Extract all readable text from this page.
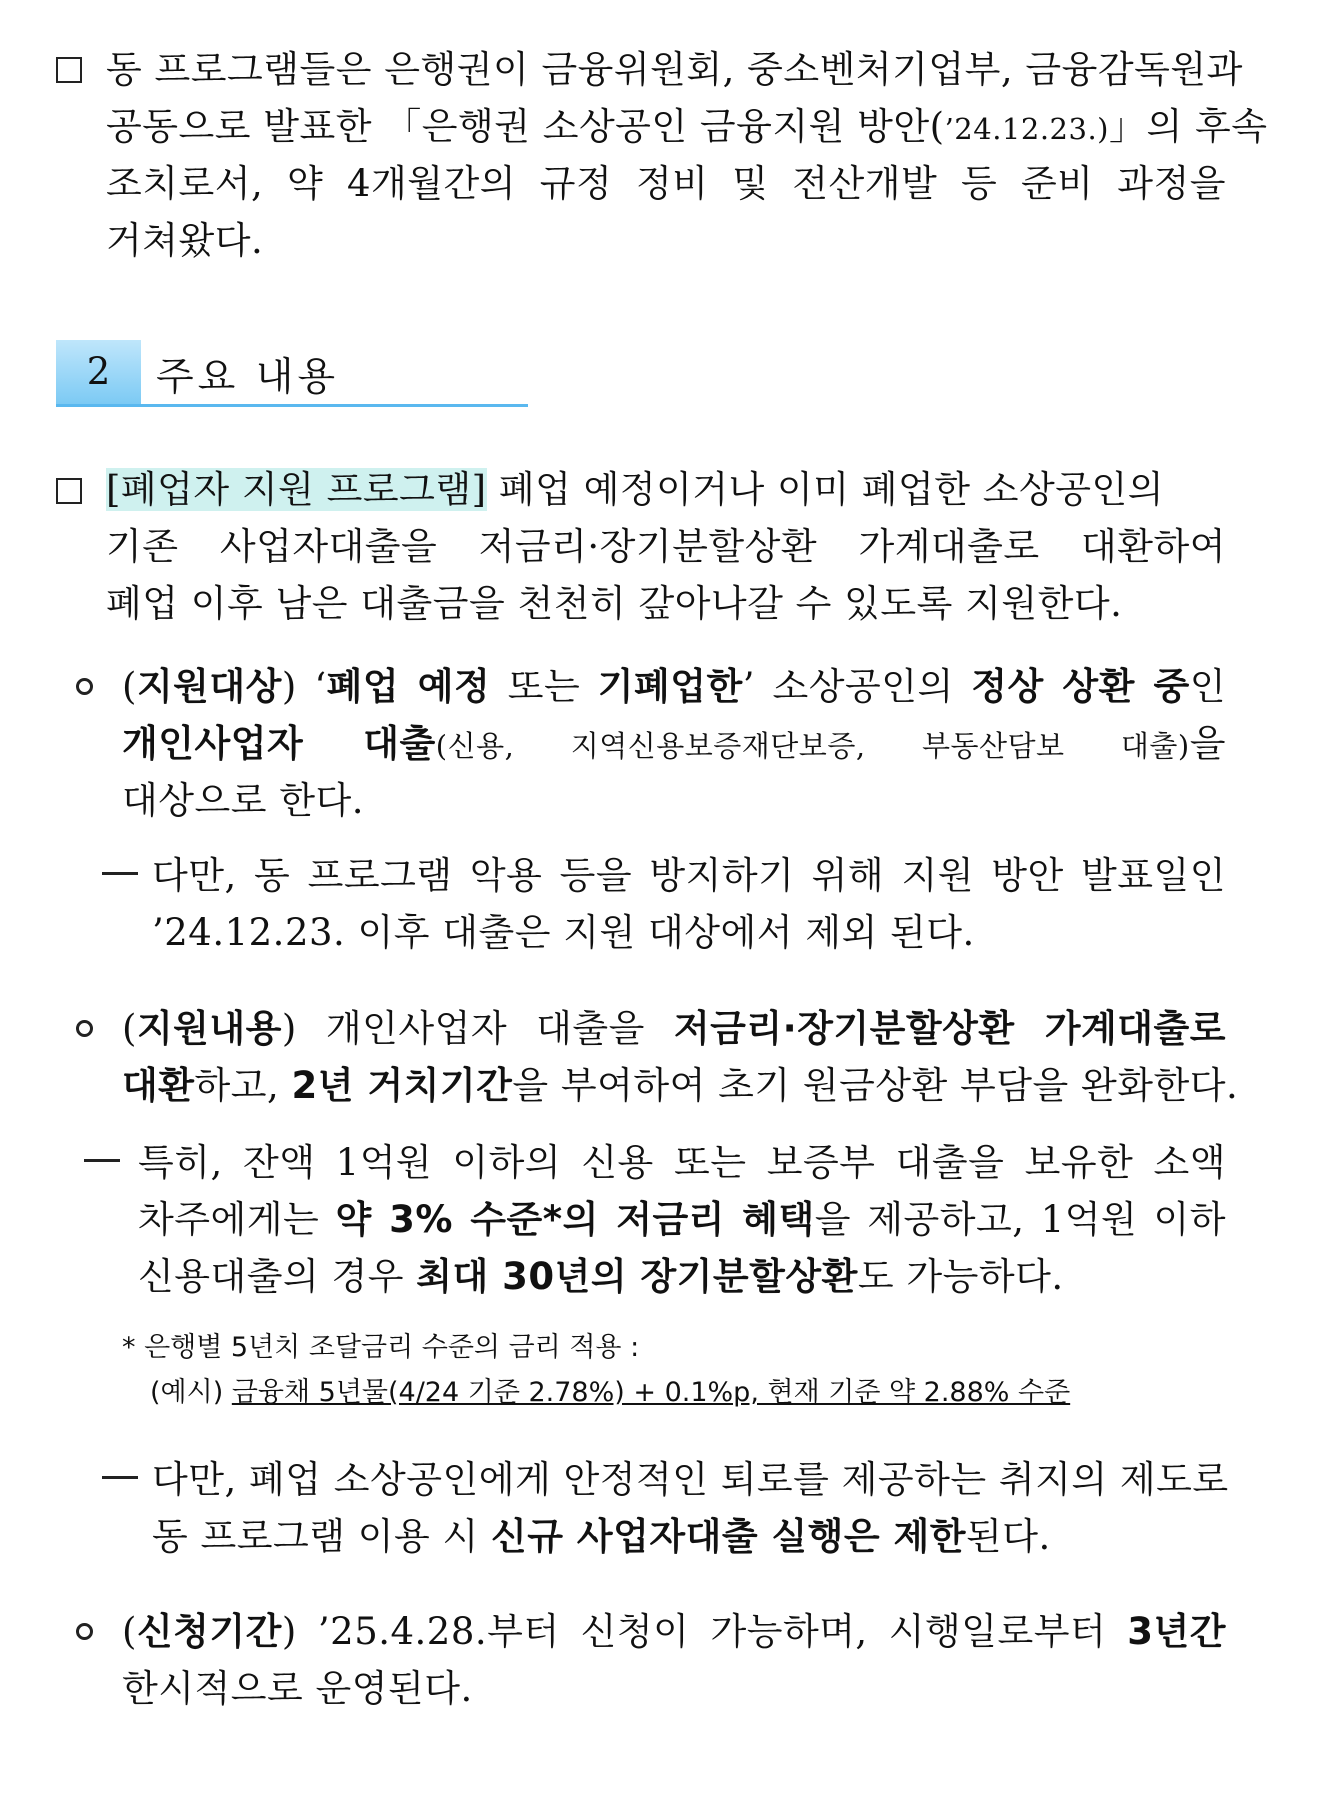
동 프로그램들은 은행권이 금융위원회, 중소벤처기업부, 금융감독원과
공동으로 발표한 「은행권 소상공인 금융지원 방안(’24.12.23.)」의 후속
조치로서, 약 4개월간의 규정 정비 및 전산개발 등 준비 과정을
거쳐왔다.
2	주요 내용
[폐업자 지원 프로그램] 폐업 예정이거나 이미 폐업한 소상공인의
기존 사업자대출을 저금리·장기분할상환 가계대출로 대환하여
폐업 이후 남은 대출금을 천천히 갚아나갈 수 있도록 지원한다.
(지원대상) ‘폐업 예정 또는 기폐업한’ 소상공인의 정상 상환 중인
개인사업자 대출(신용, 지역신용보증재단보증, 부동산담보 대출)을
대상으로 한다.
다만, 동 프로그램 악용 등을 방지하기 위해 지원 방안 발표일인
’24.12.23. 이후 대출은 지원 대상에서 제외 된다.
(지원내용) 개인사업자 대출을 저금리·장기분할상환 가계대출로
대환하고, 2년 거치기간을 부여하여 초기 원금상환 부담을 완화한다.
특히, 잔액 1억원 이하의 신용 또는 보증부 대출을 보유한 소액
차주에게는 약 3% 수준*의 저금리 혜택을 제공하고, 1억원 이하
신용대출의 경우 최대 30년의 장기분할상환도 가능하다.
* 은행별 5년치 조달금리 수준의 금리 적용 :
(예시) 금융채 5년물(4/24 기준 2.78%) + 0.1%p, 현재 기준 약 2.88% 수준
다만, 폐업 소상공인에게 안정적인 퇴로를 제공하는 취지의 제도로
동 프로그램 이용 시 신규 사업자대출 실행은 제한된다.
(신청기간) ’25.4.28.부터 신청이 가능하며, 시행일로부터 3년간
한시적으로 운영된다.
